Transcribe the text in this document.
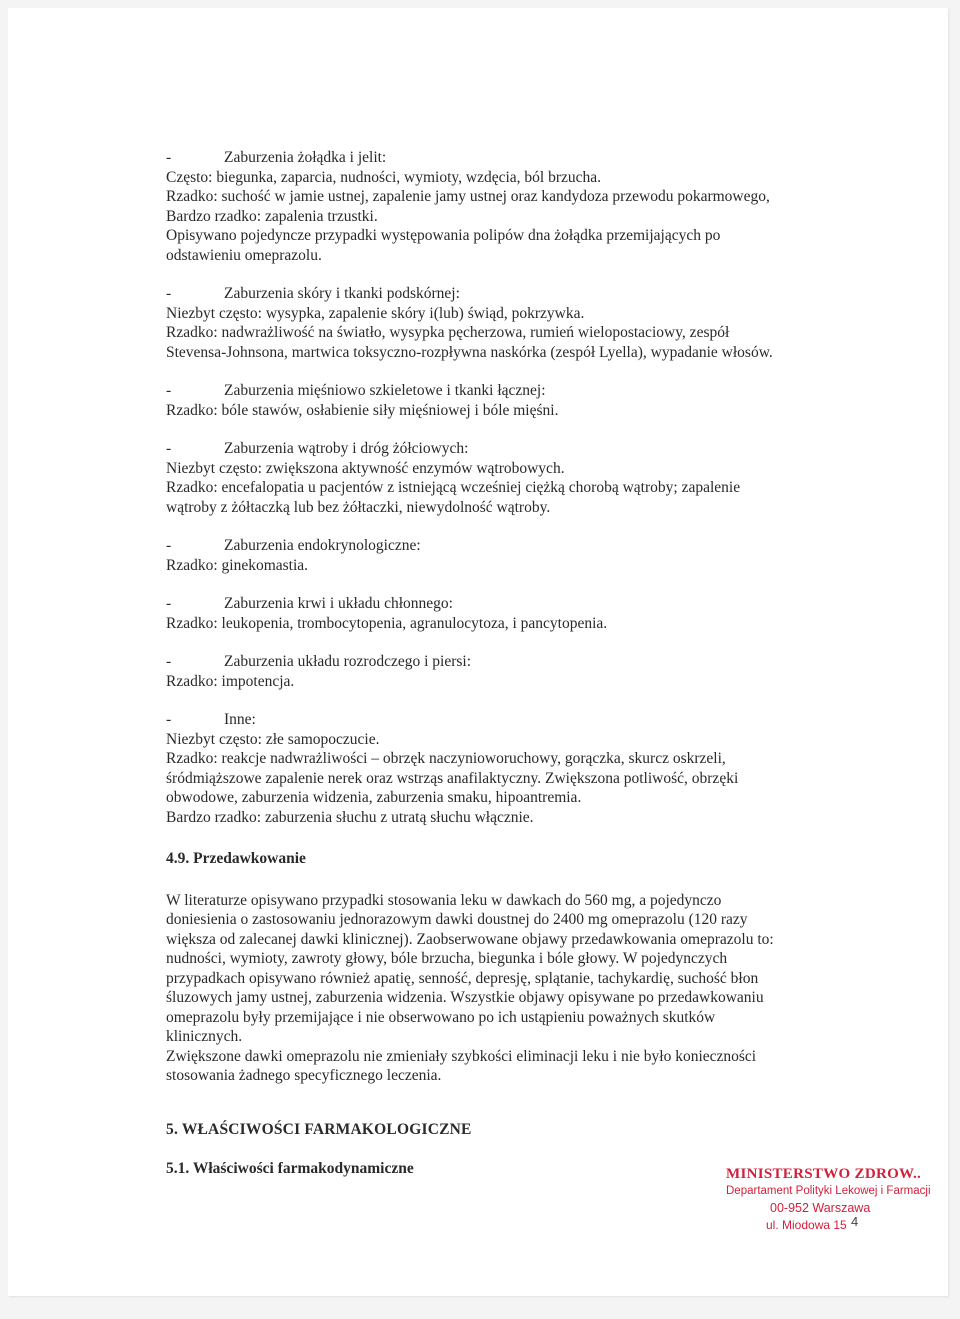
-	Zaburzenia żołądka i jelit:
Często: biegunka, zaparcia, nudności, wymioty, wzdęcia, ból brzucha.
Rzadko: suchość w jamie ustnej, zapalenie jamy ustnej oraz kandydoza przewodu pokarmowego,
Bardzo rzadko: zapalenia trzustki.
Opisywano pojedyncze przypadki występowania polipów dna żołądka przemijających po
odstawieniu omeprazolu.
-	Zaburzenia skóry i tkanki podskórnej:
Niezbyt często: wysypka, zapalenie skóry i(lub) świąd, pokrzywka.
Rzadko: nadwrażliwość na światło, wysypka pęcherzowa, rumień wielopostaciowy, zespół
Stevensa-Johnsona, martwica toksyczno-rozpływna naskórka (zespół Lyella), wypadanie włosów.
-	Zaburzenia mięśniowo szkieletowe i tkanki łącznej:
Rzadko: bóle stawów, osłabienie siły mięśniowej i bóle mięśni.
-	Zaburzenia wątroby i dróg żółciowych:
Niezbyt często: zwiększona aktywność enzymów wątrobowych.
Rzadko: encefalopatia u pacjentów z istniejącą wcześniej ciężką chorobą wątroby; zapalenie
wątroby z żółtaczką lub bez żółtaczki, niewydolność wątroby.
-	Zaburzenia endokrynologiczne:
Rzadko: ginekomastia.
-	Zaburzenia krwi i układu chłonnego:
Rzadko: leukopenia, trombocytopenia, agranulocytoza, i pancytopenia.
-	Zaburzenia układu rozrodczego i piersi:
Rzadko: impotencja.
-	Inne:
Niezbyt często: złe samopoczucie.
Rzadko: reakcje nadwrażliwości – obrzęk naczynioworuchowy, gorączka, skurcz oskrzeli,
śródmiąższowe zapalenie nerek oraz wstrząs anafilaktyczny. Zwiększona potliwość, obrzęki
obwodowe, zaburzenia widzenia, zaburzenia smaku, hipoantremia.
Bardzo rzadko: zaburzenia słuchu z utratą słuchu włącznie.
4.9. Przedawkowanie
W literaturze opisywano przypadki stosowania leku w dawkach do 560 mg, a pojedynczo
doniesienia o zastosowaniu jednorazowym dawki doustnej do 2400 mg omeprazolu (120 razy
większa od zalecanej dawki klinicznej). Zaobserwowane objawy przedawkowania omeprazolu to:
nudności, wymioty, zawroty głowy, bóle brzucha, biegunka i bóle głowy. W pojedynczych
przypadkach opisywano również apatię, senność, depresję, splątanie, tachykardię, suchość błon
śluzowych jamy ustnej, zaburzenia widzenia. Wszystkie objawy opisywane po przedawkowaniu
omeprazolu były przemijające i nie obserwowano po ich ustąpieniu poważnych skutków
klinicznych.
Zwiększone dawki omeprazolu nie zmieniały szybkości eliminacji leku i nie było konieczności
stosowania żadnego specyficznego leczenia.
5. WŁAŚCIWOŚCI FARMAKOLOGICZNE
5.1. Właściwości farmakodynamiczne	MINISTERSTWO ZDROW..
Departament Polityki Lekowej i Farmacji
00-952 Warszawa
ul. Miodowa 15 4
